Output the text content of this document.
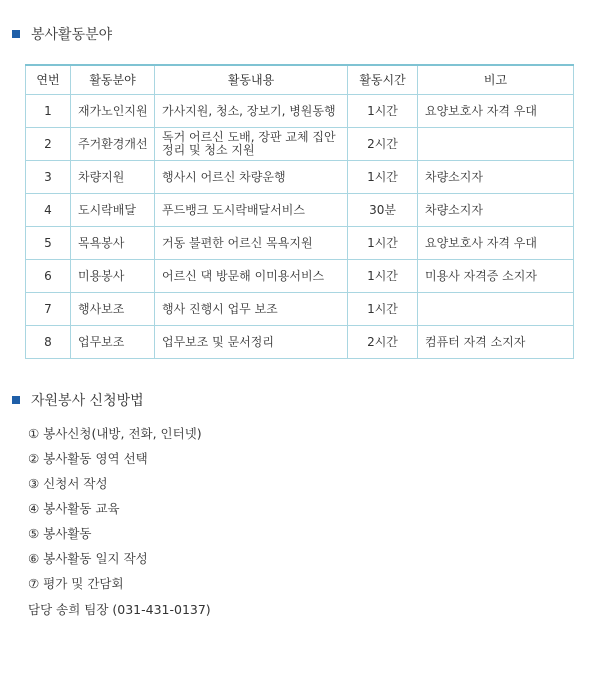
봉사활동분야
연번	활동분야	활동내용	활동시간	비고
1	재가노인지원	가사지원, 청소, 장보기, 병원동행	1시간	요양보호사 자격 우대
2	주거환경개선	독거 어르신 도배, 장판 교체 집안정리 및 청소 지원	2시간	
3	차량지원	행사시 어르신 차량운행	1시간	차량소지자
4	도시락배달	푸드뱅크 도시락배달서비스	30분	차량소지자
5	목욕봉사	거동 불편한 어르신 목욕지원	1시간	요양보호사 자격 우대
6	미용봉사	어르신 댁 방문해 이미용서비스	1시간	미용사 자격증 소지자
7	행사보조	행사 진행시 업무 보조	1시간	
8	업무보조	업무보조 및 문서정리	2시간	컴퓨터 자격 소지자
자원봉사 신청방법
① 봉사신청(내방, 전화, 인터넷)
② 봉사활동 영역 선택
③ 신청서 작성
④ 봉사활동 교육
⑤ 봉사활동
⑥ 봉사활동 일지 작성
⑦ 평가 및 간담회
담당 송희 팀장 (031-431-0137)
